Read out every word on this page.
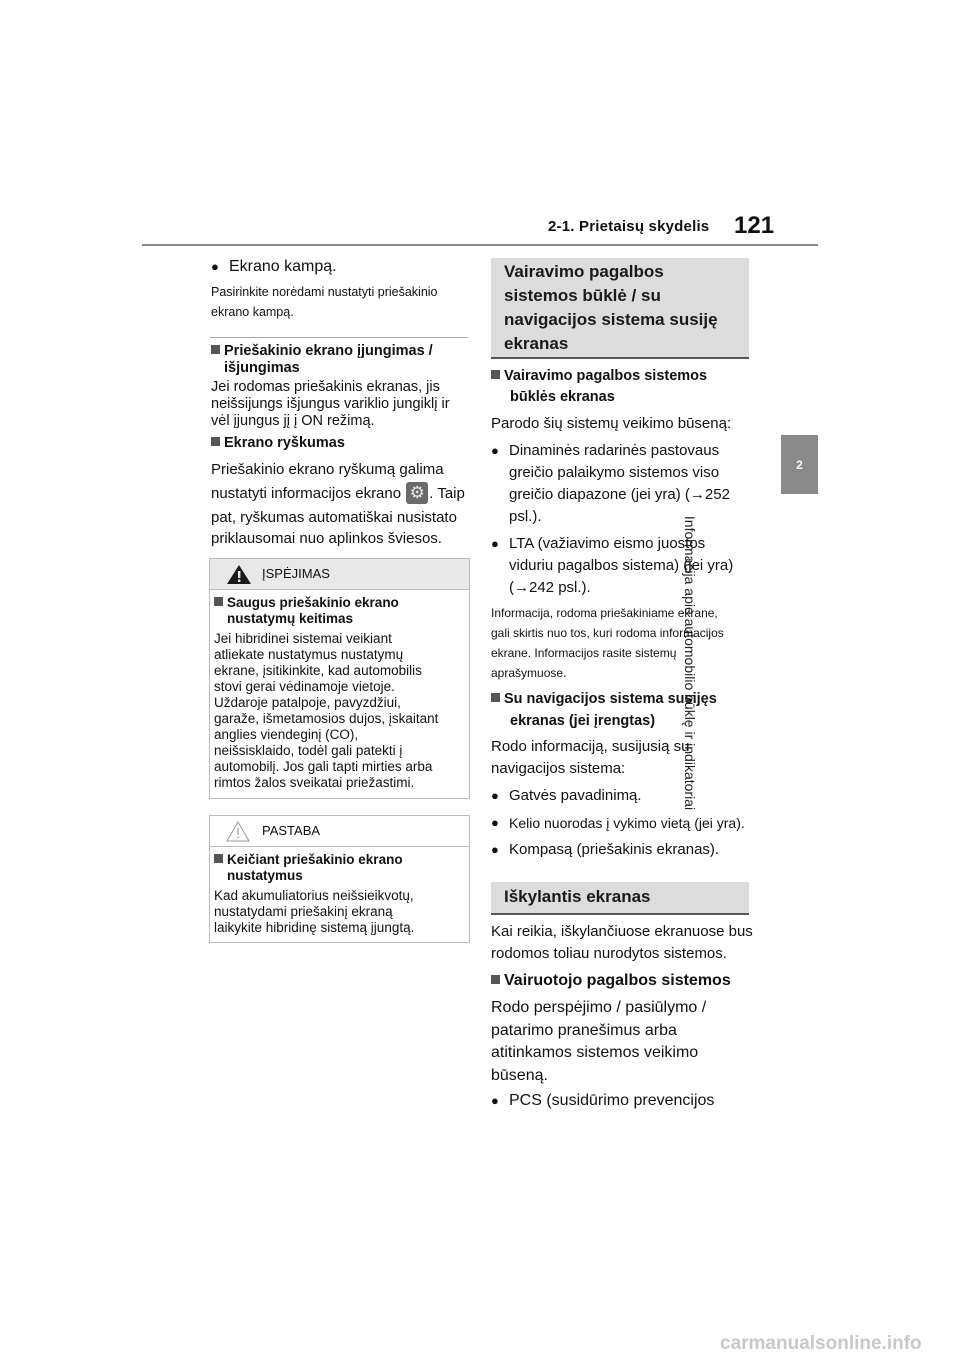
2-1. Prietaisų skydelis 121
2
Informacija apie automobilio būklę ir indikatoriai
● Ekrano kampą.
Pasirinkite norėdami nustatyti priešakinio
ekrano kampą.
Priešakinio ekrano įjungimas /
išjungimas
Jei rodomas priešakinis ekranas, jis
neišsijungs išjungus variklio jungiklį ir
vėl įjungus jį į ON režimą.
Ekrano ryškumas
Priešakinio ekrano ryškumą galima
nustatyti informacijos ekrano ⚙ . Taip
pat, ryškumas automatiškai nusistato
priklausomai nuo aplinkos šviesos.
ĮSPĖJIMAS
Saugus priešakinio ekrano
nustatymų keitimas
Jei hibridinei sistemai veikiant
atliekate nustatymus nustatymų
ekrane, įsitikinkite, kad automobilis
stovi gerai vėdinamoje vietoje.
Uždaroje patalpoje, pavyzdžiui,
garaže, išmetamosios dujos, įskaitant
anglies viendeginį (CO),
neišsisklaido, todėl gali patekti į
automobilį. Jos gali tapti mirties arba
rimtos žalos sveikatai priežastimi.
PASTABA
Keičiant priešakinio ekrano
nustatymus
Kad akumuliatorius neišsieikvotų,
nustatydami priešakinį ekraną
laikykite hibridinę sistemą įjungtą.
Vairavimo pagalbos
sistemos būklė / su
navigacijos sistema susiję
ekranas
Vairavimo pagalbos sistemos
būklės ekranas
Parodo šių sistemų veikimo būseną:
● Dinaminės radarinės pastovaus
greičio palaikymo sistemos viso
greičio diapazone (jei yra) (→252
psl.).
● LTA (važiavimo eismo juostos
viduriu pagalbos sistema) (jei yra)
(→242 psl.).
Informacija, rodoma priešakiniame ekrane,
gali skirtis nuo tos, kuri rodoma informacijos
ekrane. Informacijos rasite sistemų
aprašymuose.
Su navigacijos sistema susijęs
ekranas (jei įrengtas)
Rodo informaciją, susijusią su
navigacijos sistema:
● Gatvės pavadinimą.
● Kelio nuorodas į vykimo vietą (jei yra).
● Kompasą (priešakinis ekranas).
Iškylantis ekranas
Kai reikia, iškylančiuose ekranuose bus
rodomos toliau nurodytos sistemos.
Vairuotojo pagalbos sistemos
Rodo perspėjimo / pasiūlymo /
patarimo pranešimus arba
atitinkamos sistemos veikimo
būseną.
● PCS (susidūrimo prevencijos
carmanualsonline.info
